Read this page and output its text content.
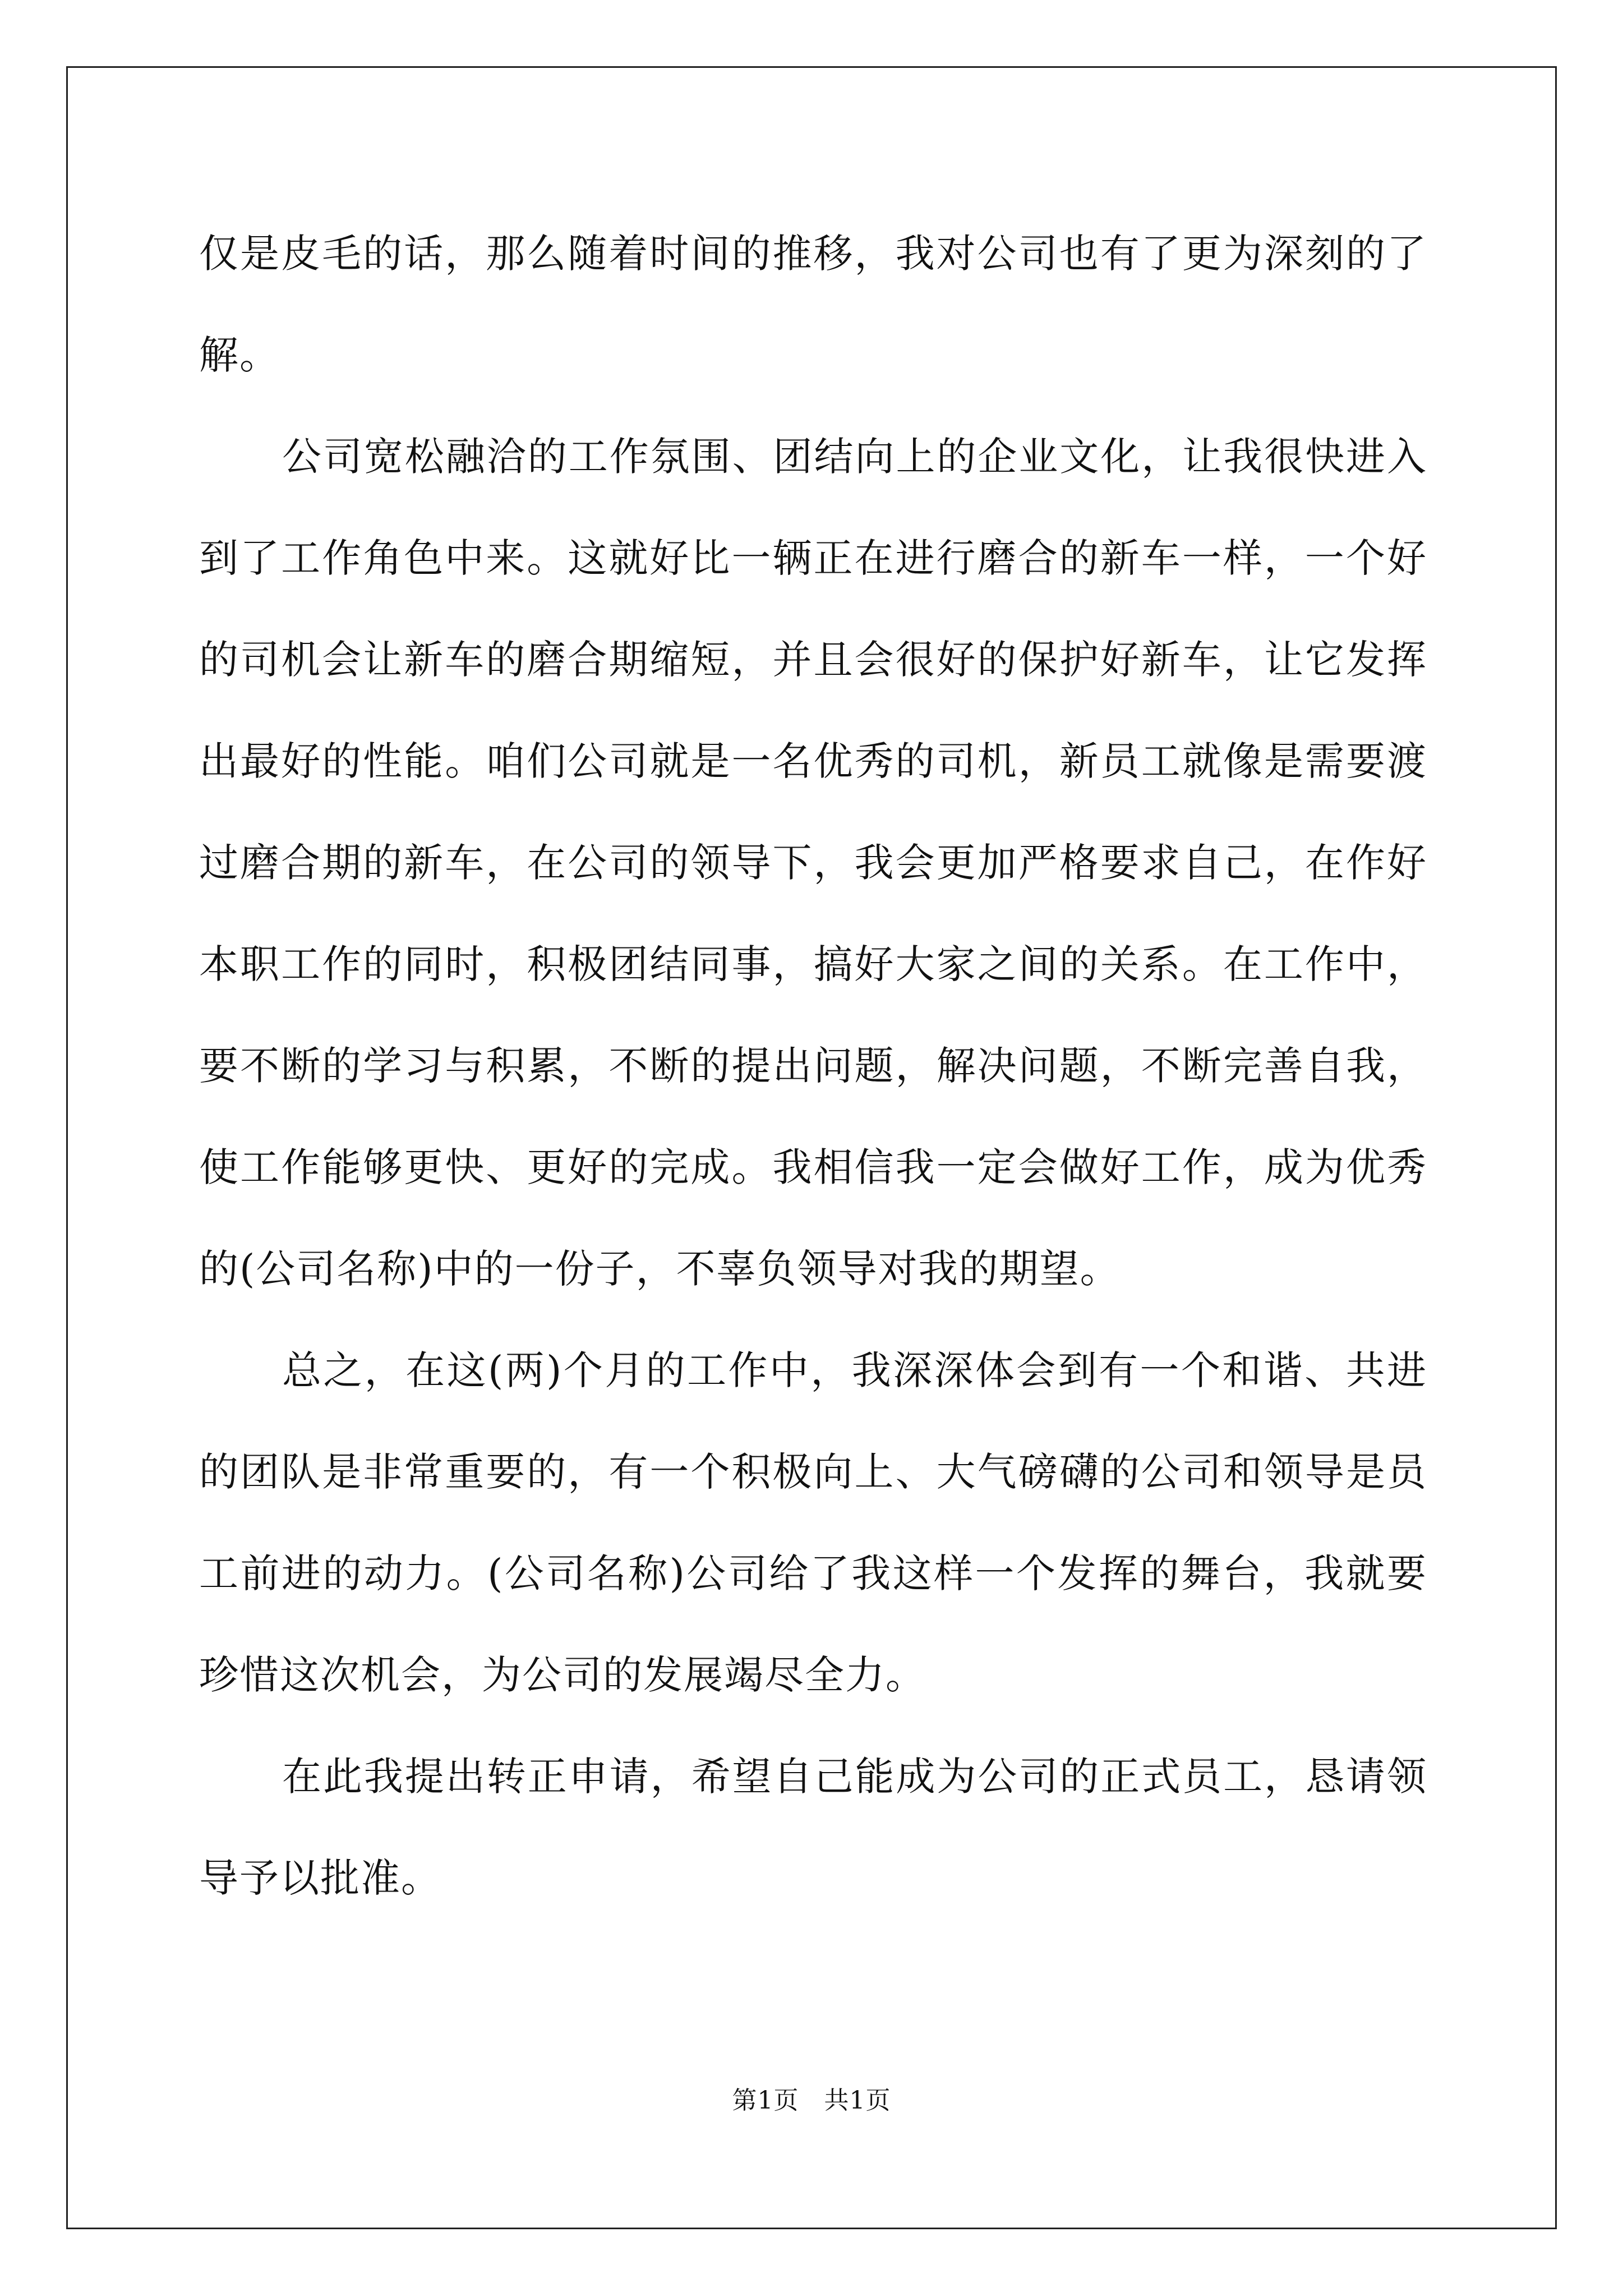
仅是皮毛的话，那么随着时间的推移，我对公司也有了更为深刻的了解。

公司宽松融洽的工作氛围、团结向上的企业文化，让我很快进入到了工作角色中来。这就好比一辆正在进行磨合的新车一样，一个好的司机会让新车的磨合期缩短，并且会很好的保护好新车，让它发挥出最好的性能。咱们公司就是一名优秀的司机，新员工就像是需要渡过磨合期的新车，在公司的领导下，我会更加严格要求自己，在作好本职工作的同时，积极团结同事，搞好大家之间的关系。在工作中，要不断的学习与积累，不断的提出问题，解决问题，不断完善自我，使工作能够更快、更好的完成。我相信我一定会做好工作，成为优秀的(公司名称)中的一份子，不辜负领导对我的期望。

总之，在这(两)个月的工作中，我深深体会到有一个和谐、共进的团队是非常重要的，有一个积极向上、大气磅礴的公司和领导是员工前进的动力。(公司名称)公司给了我这样一个发挥的舞台，我就要珍惜这次机会，为公司的发展竭尽全力。

在此我提出转正申请，希望自己能成为公司的正式员工，恳请领导予以批准。

第1页　共1页
